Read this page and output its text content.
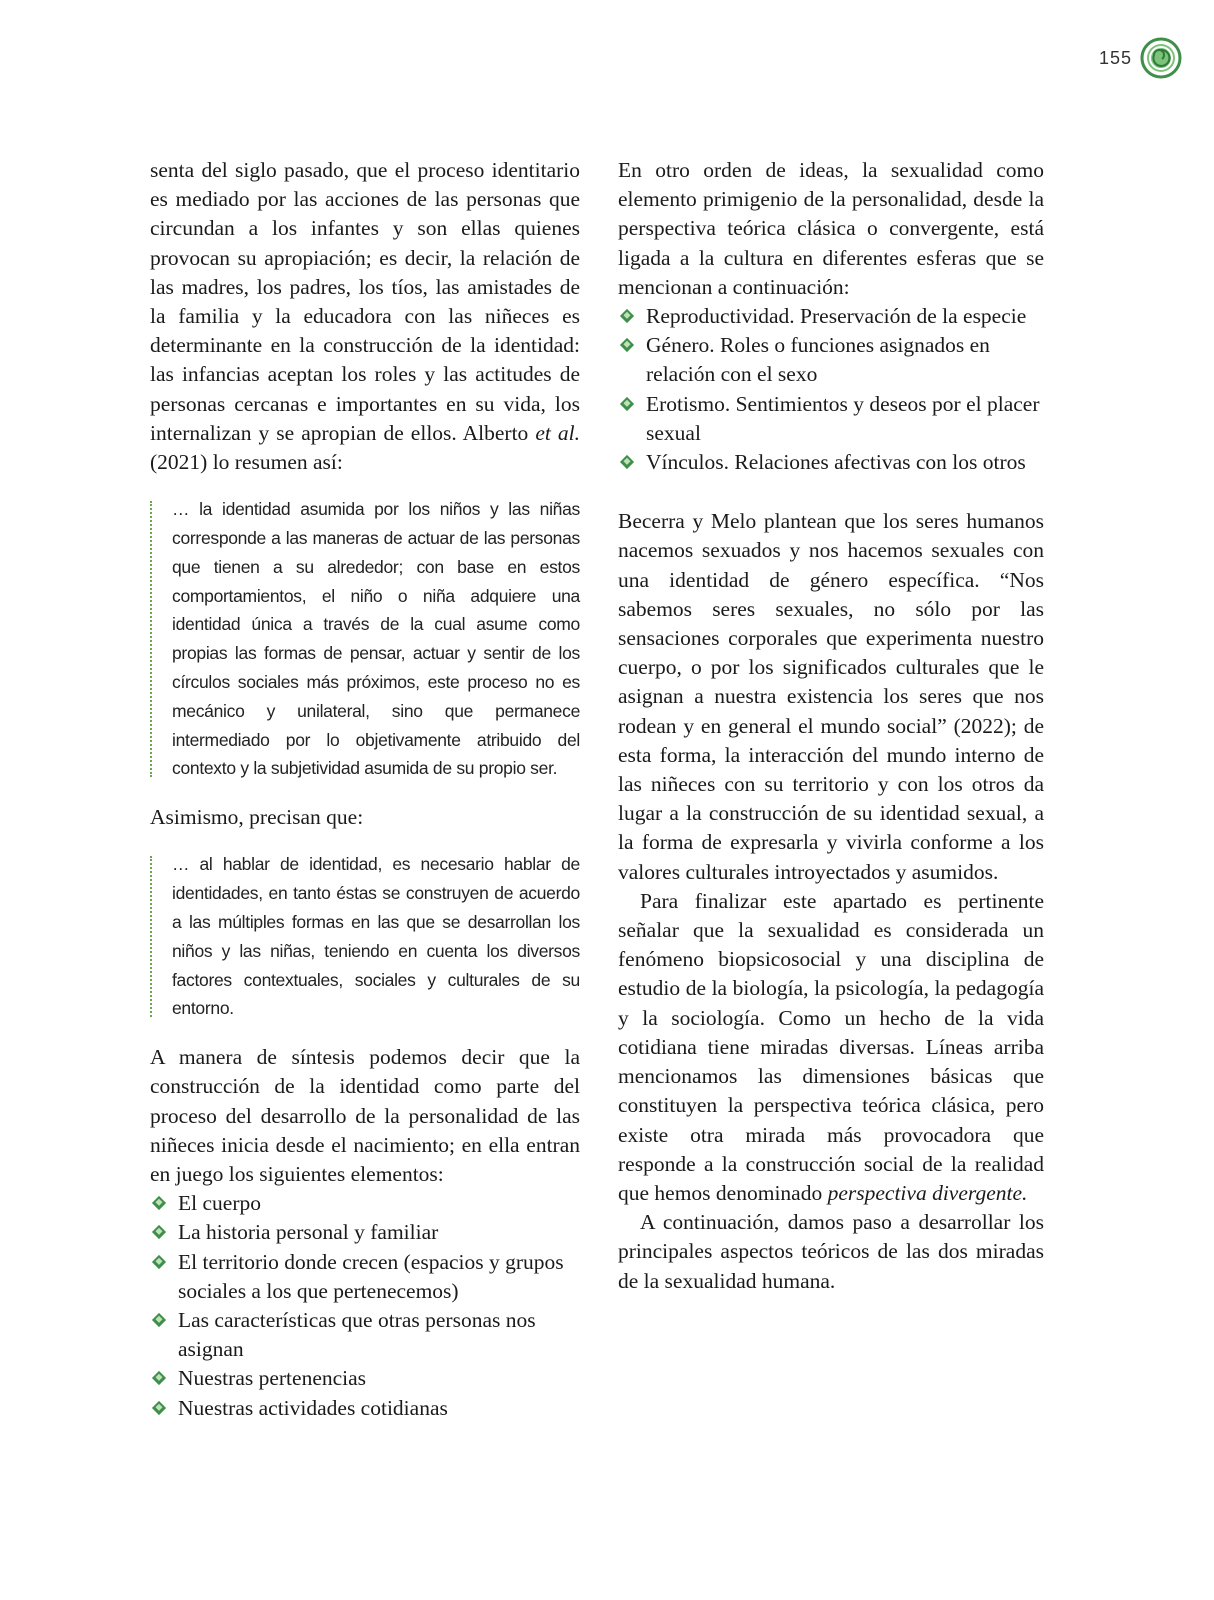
155

senta del siglo pasado, que el proceso identitario es mediado por las acciones de las personas que circundan a los infantes y son ellas quienes provocan su apropiación; es decir, la relación de las madres, los padres, los tíos, las amistades de la familia y la educadora con las niñeces es determinante en la construcción de la identidad: las infancias aceptan los roles y las actitudes de personas cercanas e importantes en su vida, los internalizan y se apropian de ellos. Alberto et al. (2021) lo resumen así:

… la identidad asumida por los niños y las niñas corresponde a las maneras de actuar de las personas que tienen a su alrededor; con base en estos comportamientos, el niño o niña adquiere una identidad única a través de la cual asume como propias las formas de pensar, actuar y sentir de los círculos sociales más próximos, este proceso no es mecánico y unilateral, sino que permanece intermediado por lo objetivamente atribuido del contexto y la subjetividad asumida de su propio ser.

Asimismo, precisan que:

… al hablar de identidad, es necesario hablar de identidades, en tanto éstas se construyen de acuerdo a las múltiples formas en las que se desarrollan los niños y las niñas, teniendo en cuenta los diversos factores contextuales, sociales y culturales de su entorno.

A manera de síntesis podemos decir que la construcción de la identidad como parte del proceso del desarrollo de la personalidad de las niñeces inicia desde el nacimiento; en ella entran en juego los siguientes elementos:

El cuerpo
La historia personal y familiar
El territorio donde crecen (espacios y grupos sociales a los que pertenecemos)
Las características que otras personas nos asignan
Nuestras pertenencias
Nuestras actividades cotidianas

En otro orden de ideas, la sexualidad como elemento primigenio de la personalidad, desde la perspectiva teórica clásica o convergente, está ligada a la cultura en diferentes esferas que se mencionan a continuación:

Reproductividad. Preservación de la especie
Género. Roles o funciones asignados en relación con el sexo
Erotismo. Sentimientos y deseos por el placer sexual
Vínculos. Relaciones afectivas con los otros

Becerra y Melo plantean que los seres humanos nacemos sexuados y nos hacemos sexuales con una identidad de género específica. “Nos sabemos seres sexuales, no sólo por las sensaciones corporales que experimenta nuestro cuerpo, o por los significados culturales que le asignan a nuestra existencia los seres que nos rodean y en general el mundo social” (2022); de esta forma, la interacción del mundo interno de las niñeces con su territorio y con los otros da lugar a la construcción de su identidad sexual, a la forma de expresarla y vivirla conforme a los valores culturales introyectados y asumidos.

Para finalizar este apartado es pertinente señalar que la sexualidad es considerada un fenómeno biopsicosocial y una disciplina de estudio de la biología, la psicología, la pedagogía y la sociología. Como un hecho de la vida cotidiana tiene miradas diversas. Líneas arriba mencionamos las dimensiones básicas que constituyen la perspectiva teórica clásica, pero existe otra mirada más provocadora que responde a la construcción social de la realidad que hemos denominado perspectiva divergente.

A continuación, damos paso a desarrollar los principales aspectos teóricos de las dos miradas de la sexualidad humana.
